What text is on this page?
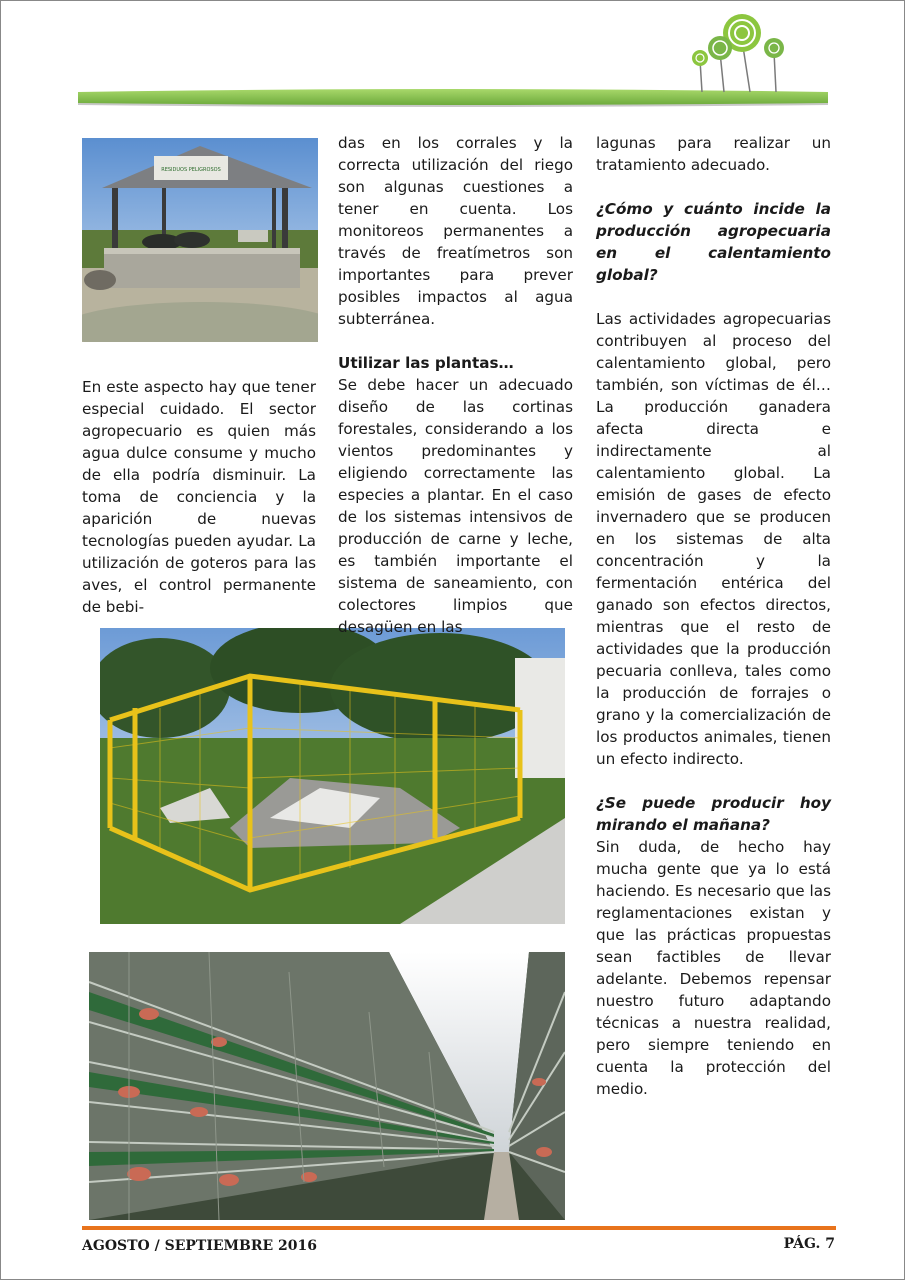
RESIDUOS PELIGROSOS

En este aspecto hay que tener especial cuidado. El sector agropecuario es quien más agua dulce consume y mucho de ella podría disminuir. La toma de conciencia y la aparición de nuevas tecnologías pueden ayudar. La utilización de goteros para las aves, el control permanente de bebi-

das en los corrales y la correcta utilización del riego son algunas cuestiones a tener en cuenta. Los monitoreos permanentes a través de freatímetros son importantes para prever posibles impactos al agua subterránea.

Utilizar las plantas…

Se debe hacer un adecuado diseño de las cortinas forestales, considerando a los vientos predominantes y eligiendo correctamente las especies a plantar. En el caso de los sistemas intensivos de producción de carne y leche, es también importante el sistema de saneamiento, con colectores limpios que desagüen en las

lagunas para realizar un tratamiento adecuado.

¿Cómo y cuánto incide la producción agropecuaria en el calentamiento global?

Las actividades agropecuarias contribuyen al proceso del calentamiento global, pero también, son víctimas de él…La producción ganadera afecta directa e indirectamente al calentamiento global. La emisión de gases de efecto invernadero que se producen en los sistemas de alta concentración y la fermentación entérica del ganado son efectos directos, mientras que el resto de actividades que la producción pecuaria conlleva, tales como la producción de forrajes o grano y la comercialización de los productos animales, tienen un efecto indirecto.

¿Se puede producir hoy mirando el mañana?

Sin duda, de hecho hay mucha gente que ya lo está haciendo. Es necesario que las reglamentaciones existan y que las prácticas propuestas sean factibles de llevar adelante. Debemos repensar nuestro futuro adaptando técnicas a nuestra realidad, pero siempre teniendo en cuenta la protección del medio.

AGOSTO / SEPTIEMBRE 2016	PÁG. 7
